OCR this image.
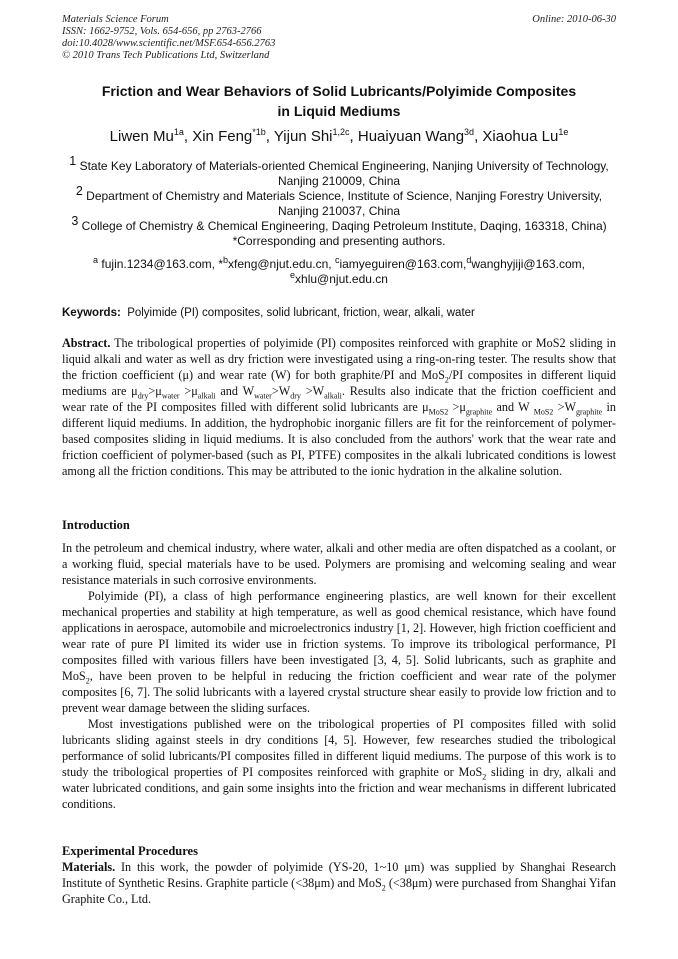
Materials Science Forum
ISSN: 1662-9752, Vols. 654-656, pp 2763-2766
doi:10.4028/www.scientific.net/MSF.654-656.2763
© 2010 Trans Tech Publications Ltd, Switzerland
Online: 2010-06-30
Friction and Wear Behaviors of Solid Lubricants/Polyimide Composites
in Liquid Mediums
Liwen $Mu^{1a}$, Xin Feng$^{*1b}$, Yijun Shi$^{1,2c}$, Huaiyuan Wang$^{3d}$, Xiaohua $Lu^{1e}$
$^1$ State Key Laboratory of Materials-oriented Chemical Engineering, Nanjing University of Technology, Nanjing 210009, China
$^2$ Department of Chemistry and Materials Science, Institute of Science, Nanjing Forestry University, Nanjing 210037, China
$^3$ College of Chemistry & Chemical Engineering, Daqing Petroleum Institute, Daqing, 163318, China) *Corresponding and presenting authors.
$^a$ fujin.1234@163.com, *$^b$xfeng@njut.edu.cn, $^c$iamyeguiren@163.com,$^d$wanghyjiji@163.com,
$^e$xhlu@njut.edu.cn
Keywords: Polyimide (PI) composites, solid lubricant, friction, wear, alkali, water

Abstract. The tribological properties of polyimide (PI) composites reinforced with graphite or MoS2 sliding in liquid alkali and water as well as dry friction were investigated using a ring-on-ring tester. The results show that the friction coefficient (μ) and wear rate (W) for both graphite/PI and MoS$_2$/PI composites in different liquid mediums are $\mu_{dry}>\mu_{water} >\mu_{alkali}$ and $W_{water}>W_{dry} >W_{alkali}$. Results also indicate that the friction coefficient and wear rate of the PI composites filled with different solid lubricants are $\mu_{MoS2} >\mu_{graphite}$ and W $_{MoS2} >W_{graphite}$ in different liquid mediums. In addition, the hydrophobic inorganic fillers are fit for the reinforcement of polymer-based composites sliding in liquid mediums. It is also concluded from the authors' work that the wear rate and friction coefficient of polymer-based (such as PI, PTFE) composites in the alkali lubricated conditions is lowest among all the friction conditions. This may be attributed to the ionic hydration in the alkaline solution.

Introduction

In the petroleum and chemical industry, where water, alkali and other media are often dispatched as a coolant, or a working fluid, special materials have to be used. Polymers are promising and welcoming sealing and wear resistance materials in such corrosive environments.

Polyimide (PI), a class of high performance engineering plastics, are well known for their excellent mechanical properties and stability at high temperature, as well as good chemical resistance, which have found applications in aerospace, automobile and microelectronics industry [1, 2]. However, high friction coefficient and wear rate of pure PI limited its wider use in friction systems. To improve its tribological performance, PI composites filled with various fillers have been investigated [3, 4, 5]. Solid lubricants, such as graphite and MoS$_2$, have been proven to be helpful in reducing the friction coefficient and wear rate of the polymer composites [6, 7]. The solid lubricants with a layered crystal structure shear easily to provide low friction and to prevent wear damage between the sliding surfaces.

Most investigations published were on the tribological properties of PI composites filled with solid lubricants sliding against steels in dry conditions [4, 5]. However, few researches studied the tribological performance of solid lubricants/PI composites filled in different liquid mediums. The purpose of this work is to study the tribological properties of PI composites reinforced with graphite or MoS$_2$ sliding in dry, alkali and water lubricated conditions, and gain some insights into the friction and wear mechanisms in different lubricated conditions.

Experimental Procedures

Materials. In this work, the powder of polyimide (YS-20, 1~10 μm) was supplied by Shanghai Research Institute of Synthetic Resins. Graphite particle (<38μm) and MoS$_2$ (<38μm) were purchased from Shanghai Yifan Graphite Co., Ltd.
